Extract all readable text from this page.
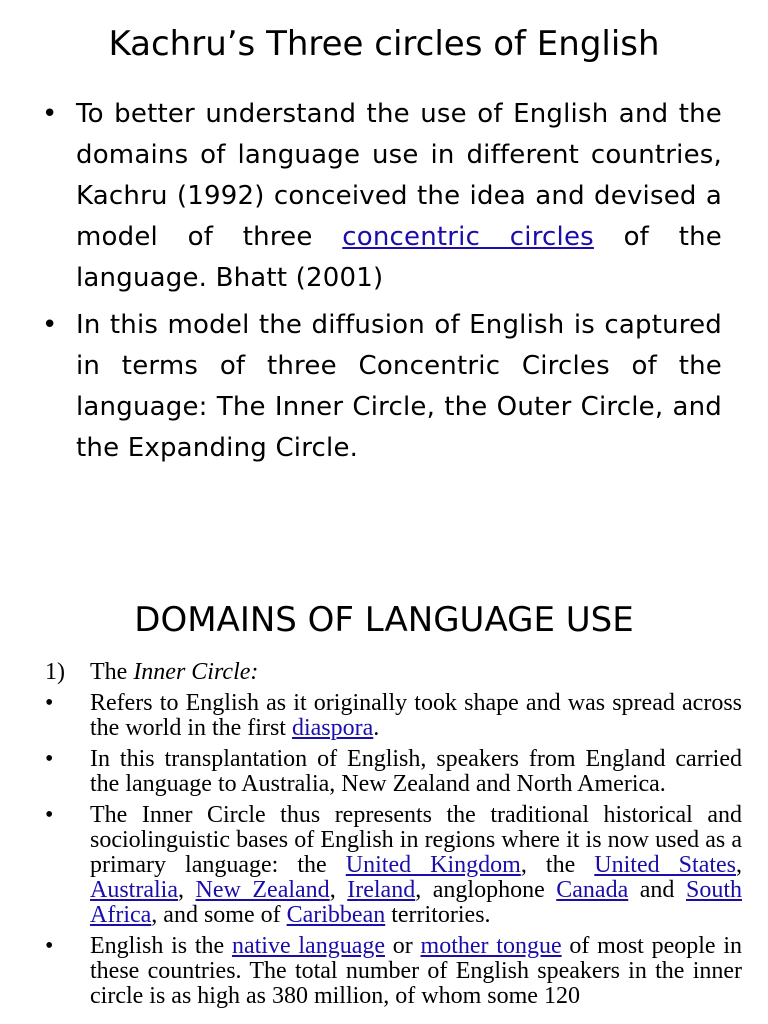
Kachru’s Three circles of English
• To better understand the use of English and the domains of language use in different countries, Kachru (1992) conceived the idea and devised a model of three concentric circles of the language. Bhatt (2001)
• In this model the diffusion of English is captured in terms of three Concentric Circles of the language: The Inner Circle, the Outer Circle, and the Expanding Circle.
DOMAINS OF LANGUAGE USE
1) The Inner Circle:
• Refers to English as it originally took shape and was spread across the world in the first diaspora.
• In this transplantation of English, speakers from England carried the language to Australia, New Zealand and North America.
• The Inner Circle thus represents the traditional historical and sociolinguistic bases of English in regions where it is now used as a primary language: the United Kingdom, the United States, Australia, New Zealand, Ireland, anglophone Canada and South Africa, and some of Caribbean territories.
• English is the native language or mother tongue of most people in these countries. The total number of English speakers in the inner circle is as high as 380 million, of whom some 120
